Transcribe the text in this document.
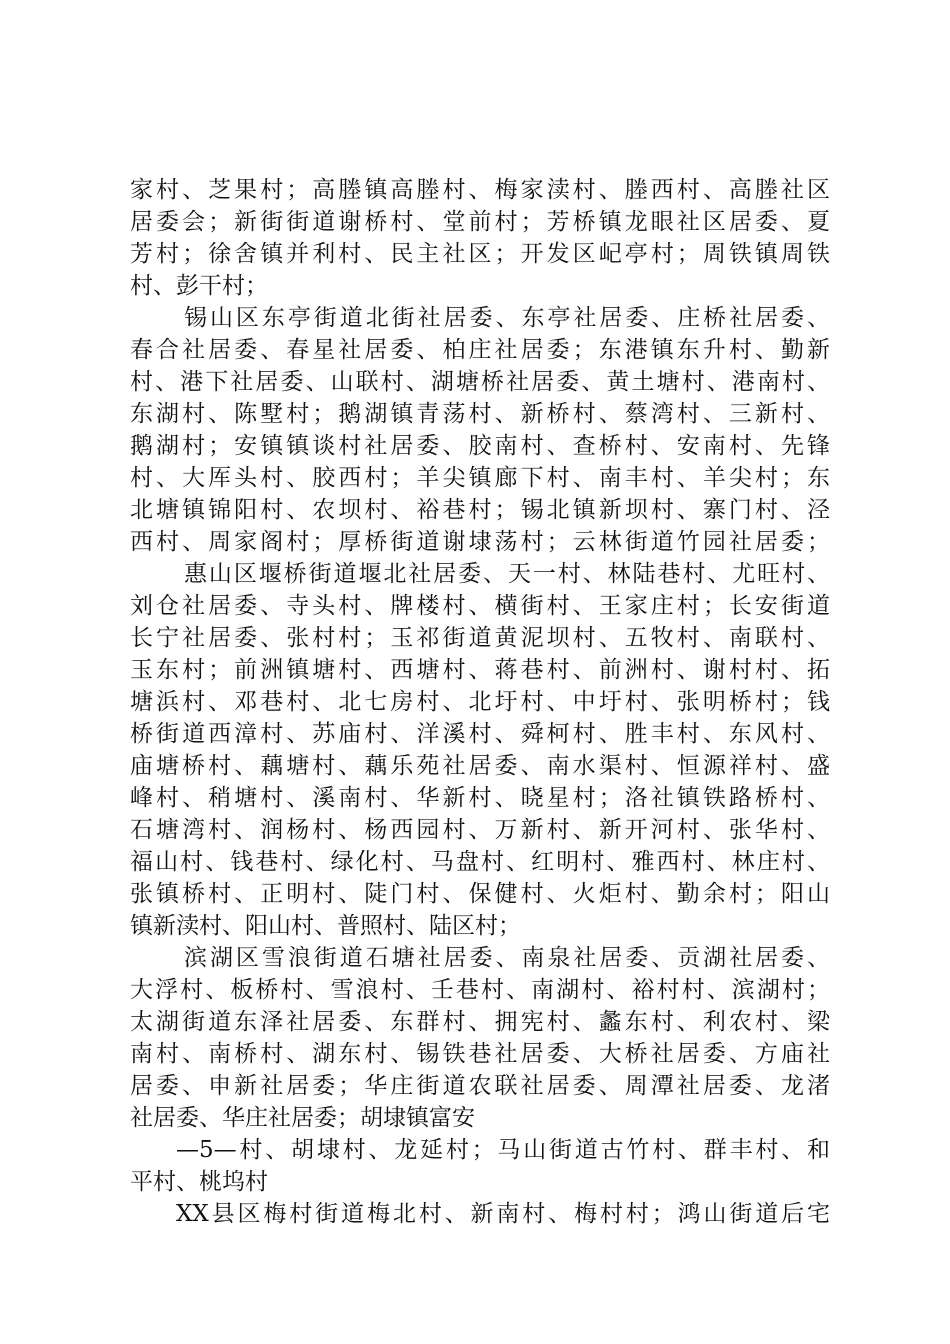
家村、芝果村；高塍镇高塍村、梅家渎村、塍西村、高塍社区
居委会；新街街道谢桥村、堂前村；芳桥镇龙眼社区居委、夏
芳村；徐舍镇并利村、民主社区；开发区屺亭村；周铁镇周铁
村、彭干村；
锡山区东亭街道北街社居委、东亭社居委、庄桥社居委、
春合社居委、春星社居委、柏庄社居委；东港镇东升村、勤新
村、港下社居委、山联村、湖塘桥社居委、黄土塘村、港南村、
东湖村、陈墅村；鹅湖镇青荡村、新桥村、蔡湾村、三新村、
鹅湖村；安镇镇谈村社居委、胶南村、查桥村、安南村、先锋
村、大厍头村、胶西村；羊尖镇廊下村、南丰村、羊尖村；东
北塘镇锦阳村、农坝村、裕巷村；锡北镇新坝村、寨门村、泾
西村、周家阁村；厚桥街道谢埭荡村；云林街道竹园社居委；
惠山区堰桥街道堰北社居委、天一村、林陆巷村、尤旺村、
刘仓社居委、寺头村、牌楼村、横街村、王家庄村；长安街道
长宁社居委、张村村；玉祁街道黄泥坝村、五牧村、南联村、
玉东村；前洲镇塘村、西塘村、蒋巷村、前洲村、谢村村、拓
塘浜村、邓巷村、北七房村、北圩村、中圩村、张明桥村；钱
桥街道西漳村、苏庙村、洋溪村、舜柯村、胜丰村、东风村、
庙塘桥村、藕塘村、藕乐苑社居委、南水渠村、恒源祥村、盛
峰村、稍塘村、溪南村、华新村、晓星村；洛社镇铁路桥村、
石塘湾村、润杨村、杨西园村、万新村、新开河村、张华村、
福山村、钱巷村、绿化村、马盘村、红明村、雅西村、林庄村、
张镇桥村、正明村、陡门村、保健村、火炬村、勤余村；阳山
镇新渎村、阳山村、普照村、陆区村；
滨湖区雪浪街道石塘社居委、南泉社居委、贡湖社居委、
大浮村、板桥村、雪浪村、壬巷村、南湖村、裕村村、滨湖村；
太湖街道东泽社居委、东群村、拥宪村、蠡东村、利农村、梁
南村、南桥村、湖东村、锡铁巷社居委、大桥社居委、方庙社
居委、申新社居委；华庄街道农联社居委、周潭社居委、龙渚
社居委、华庄社居委；胡埭镇富安
—5—村、胡埭村、龙延村；马山街道古竹村、群丰村、和
平村、桃坞村
XX县区梅村街道梅北村、新南村、梅村村；鸿山街道后宅
